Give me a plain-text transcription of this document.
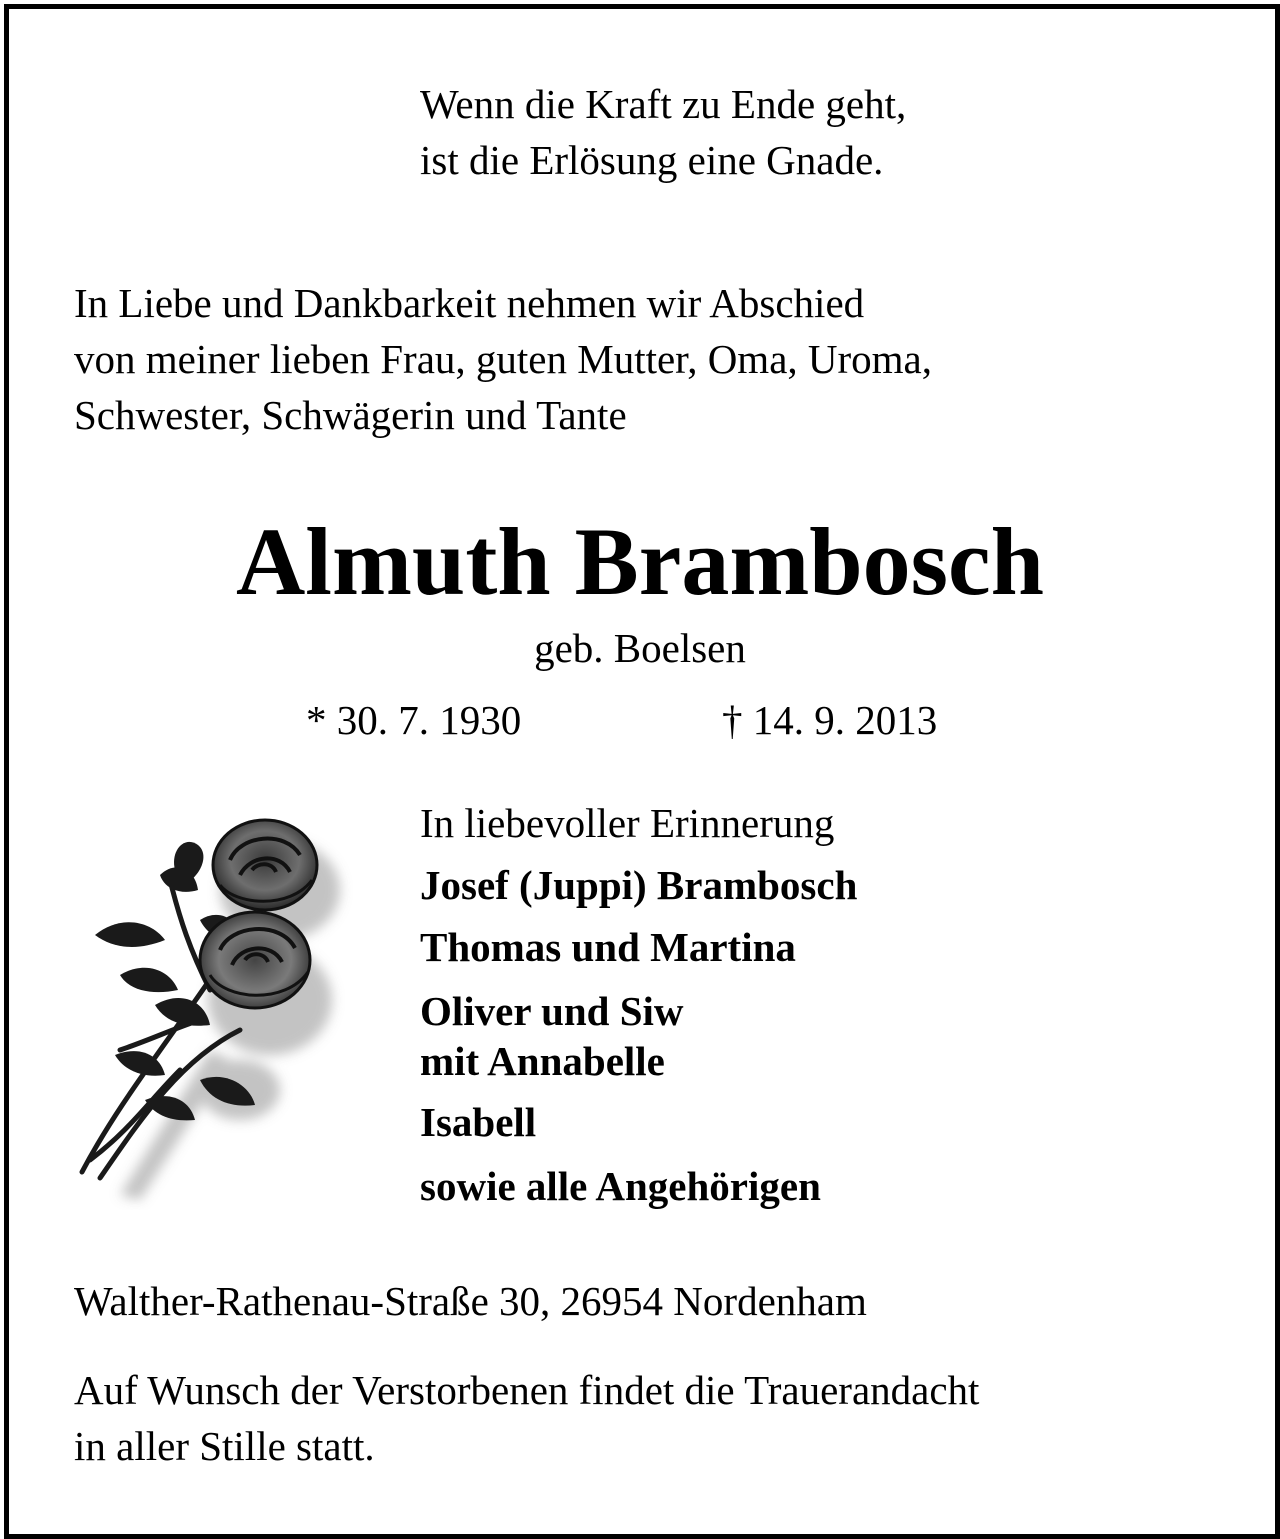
Wenn die Kraft zu Ende geht,
ist die Erlösung eine Gnade.
In Liebe und Dankbarkeit nehmen wir Abschied
von meiner lieben Frau, guten Mutter, Oma, Uroma,
Schwester, Schwägerin und Tante
Almuth Brambosch
geb. Boelsen
* 30. 7. 1930	† 14. 9. 2013
In liebevoller Erinnerung
Josef (Juppi) Brambosch
Thomas und Martina
Oliver und Siw
mit Annabelle
Isabell
sowie alle Angehörigen
Walther-Rathenau-Straße 30, 26954 Nordenham
Auf Wunsch der Verstorbenen findet die Trauerandacht
in aller Stille statt.
